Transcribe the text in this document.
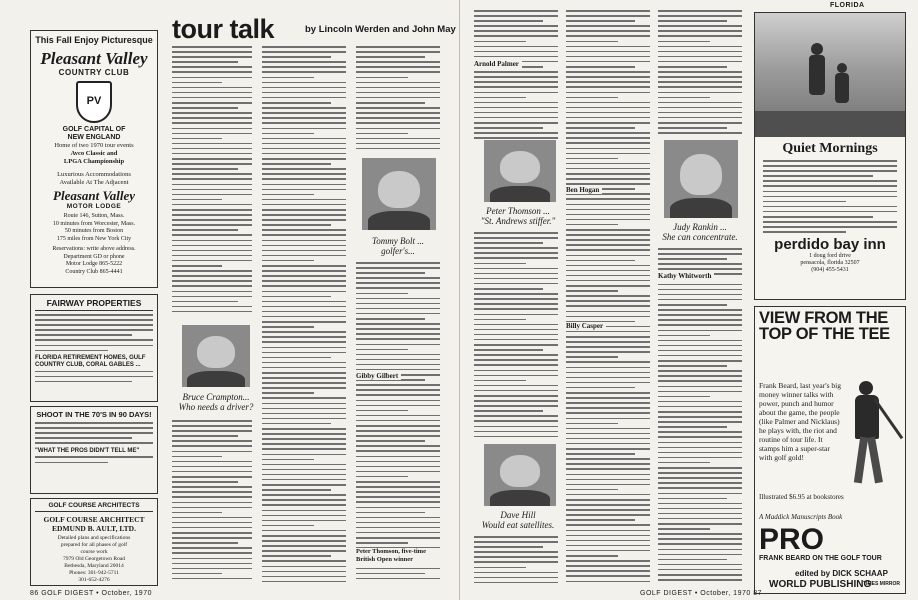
This Fall Enjoy Picturesque
Pleasant Valley
COUNTRY CLUB
PV
GOLF CAPITAL OF
NEW ENGLAND
Home of two 1970 tour events
Avco Classic and
LPGA Championship
Luxurious Accommodations
Available At The Adjacent
Pleasant Valley
MOTOR LODGE
Route 146, Sutton, Mass.
10 minutes from Worcester, Mass.
50 minutes from Boston
175 miles from New York City
Reservations: write above address.
Department GD or phone
Motor Lodge 865-5222
Country Club 865-4441
FAIRWAY PROPERTIES
FLORIDA RETIREMENT HOMES, GULF COUNTRY CLUB, CORAL GABLES ...
SHOOT IN THE 70'S IN 90 DAYS!
"WHAT THE PROS DIDN'T TELL ME"
GOLF COURSE ARCHITECTS
GOLF COURSE ARCHITECT
EDMUND B. AULT, LTD.
Detailed plans and specifications
prepared for all phases of golf
course work
7979 Old Georgetown Road
Bethesda, Maryland 20014
Phones: 301-942-5711
301-652-4276
tour talk	by Lincoln Werden and John May
Bruce Crampton...
Who needs a driver?
Tommy Bolt ...
golfer's...
Gibby Gilbert
Peter Thomson, five-time British Open winner
Arnold Palmer
Peter Thomson ...
"St. Andrews stiffer."
Dave Hill
Would eat satellites.
Ben Hogan
Billy Casper
Judy Rankin ...
She can concentrate.
Kathy Whitworth
FLORIDA
Quiet Mornings
perdido bay inn
1 doug ford drive
pensacola, florida 32507
(904) 455-5431
VIEW FROM THE TOP OF THE TEE
Frank Beard, last year's big money winner talks with power, punch and humor about the game, the people (like Palmer and Nicklaus) he plays with, the riot and routine of tour life. It stamps him a super-star with golf gold!
Illustrated $6.95 at bookstores
A Maddick Manuscripts Book
PRO
FRANK BEARD ON THE GOLF TOUR
edited by DICK SCHAAP
WORLD PUBLISHING
TIMES MIRROR
86 GOLF DIGEST • October, 1970	GOLF DIGEST • October, 1970 87
